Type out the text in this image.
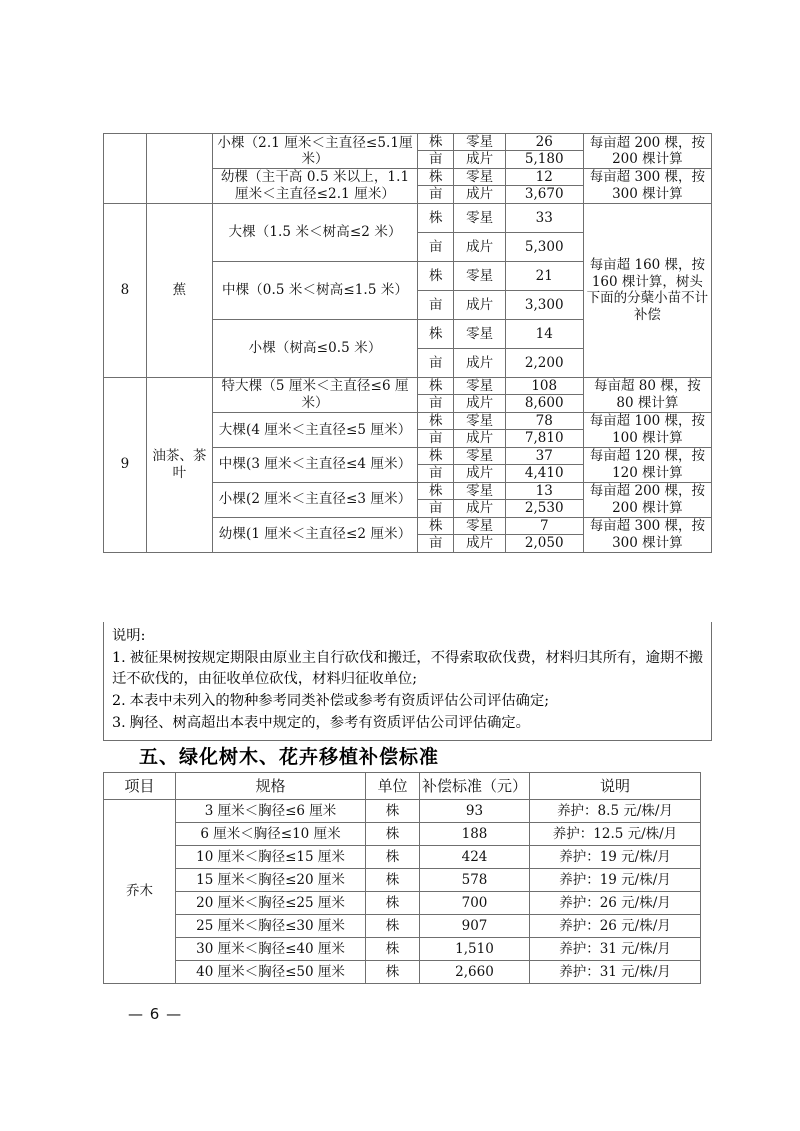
		小棵（2.1 厘米＜主直径≤5.1厘米）	株	零星	26	每亩超 200 棵，按 200 棵计算
			亩	成片	5,180	
		幼棵（主干高 0.5 米以上，1.1厘米＜主直径≤2.1 厘米）	株	零星	12	每亩超 300 棵，按 300 棵计算
			亩	成片	3,670	
8	蕉	大棵（1.5 米＜树高≤2 米）	株	零星	33	每亩超 160 棵，按 160 棵计算，树头下面的分蘖小苗不计补偿
			亩	成片	5,300	
		中棵（0.5 米＜树高≤1.5 米）	株	零星	21	
			亩	成片	3,300	
		小棵（树高≤0.5 米）	株	零星	14	
			亩	成片	2,200	
9	油茶、茶叶	特大棵（5 厘米＜主直径≤6 厘米）	株	零星	108	每亩超 80 棵，按 80 棵计算
			亩	成片	8,600	
		大棵(4 厘米＜主直径≤5 厘米）	株	零星	78	每亩超 100 棵，按 100 棵计算
			亩	成片	7,810	
		中棵(3 厘米＜主直径≤4 厘米）	株	零星	37	每亩超 120 棵，按 120 棵计算
			亩	成片	4,410	
		小棵(2 厘米＜主直径≤3 厘米）	株	零星	13	每亩超 200 棵，按 200 棵计算
			亩	成片	2,530	
		幼棵(1 厘米＜主直径≤2 厘米）	株	零星	7	每亩超 300 棵，按 300 棵计算
			亩	成片	2,050	

说明:

1. 被征果树按规定期限由原业主自行砍伐和搬迁，不得索取砍伐费，材料归其所有，逾期不搬迁不砍伐的，由征收单位砍伐，材料归征收单位;

2. 本表中未列入的物种参考同类补偿或参考有资质评估公司评估确定;

3. 胸径、树高超出本表中规定的，参考有资质评估公司评估确定。

五、绿化树木、花卉移植补偿标准
项目	规格	单位	补偿标准（元）	说明
乔木	3 厘米＜胸径≤6 厘米	株	93	养护：8.5 元/株/月
	6 厘米＜胸径≤10 厘米	株	188	养护：12.5 元/株/月
	10 厘米＜胸径≤15 厘米	株	424	养护：19 元/株/月
	15 厘米＜胸径≤20 厘米	株	578	养护：19 元/株/月
	20 厘米＜胸径≤25 厘米	株	700	养护：26 元/株/月
	25 厘米＜胸径≤30 厘米	株	907	养护：26 元/株/月
	30 厘米＜胸径≤40 厘米	株	1,510	养护：31 元/株/月
	40 厘米＜胸径≤50 厘米	株	2,660	养护：31 元/株/月
— 6 —
